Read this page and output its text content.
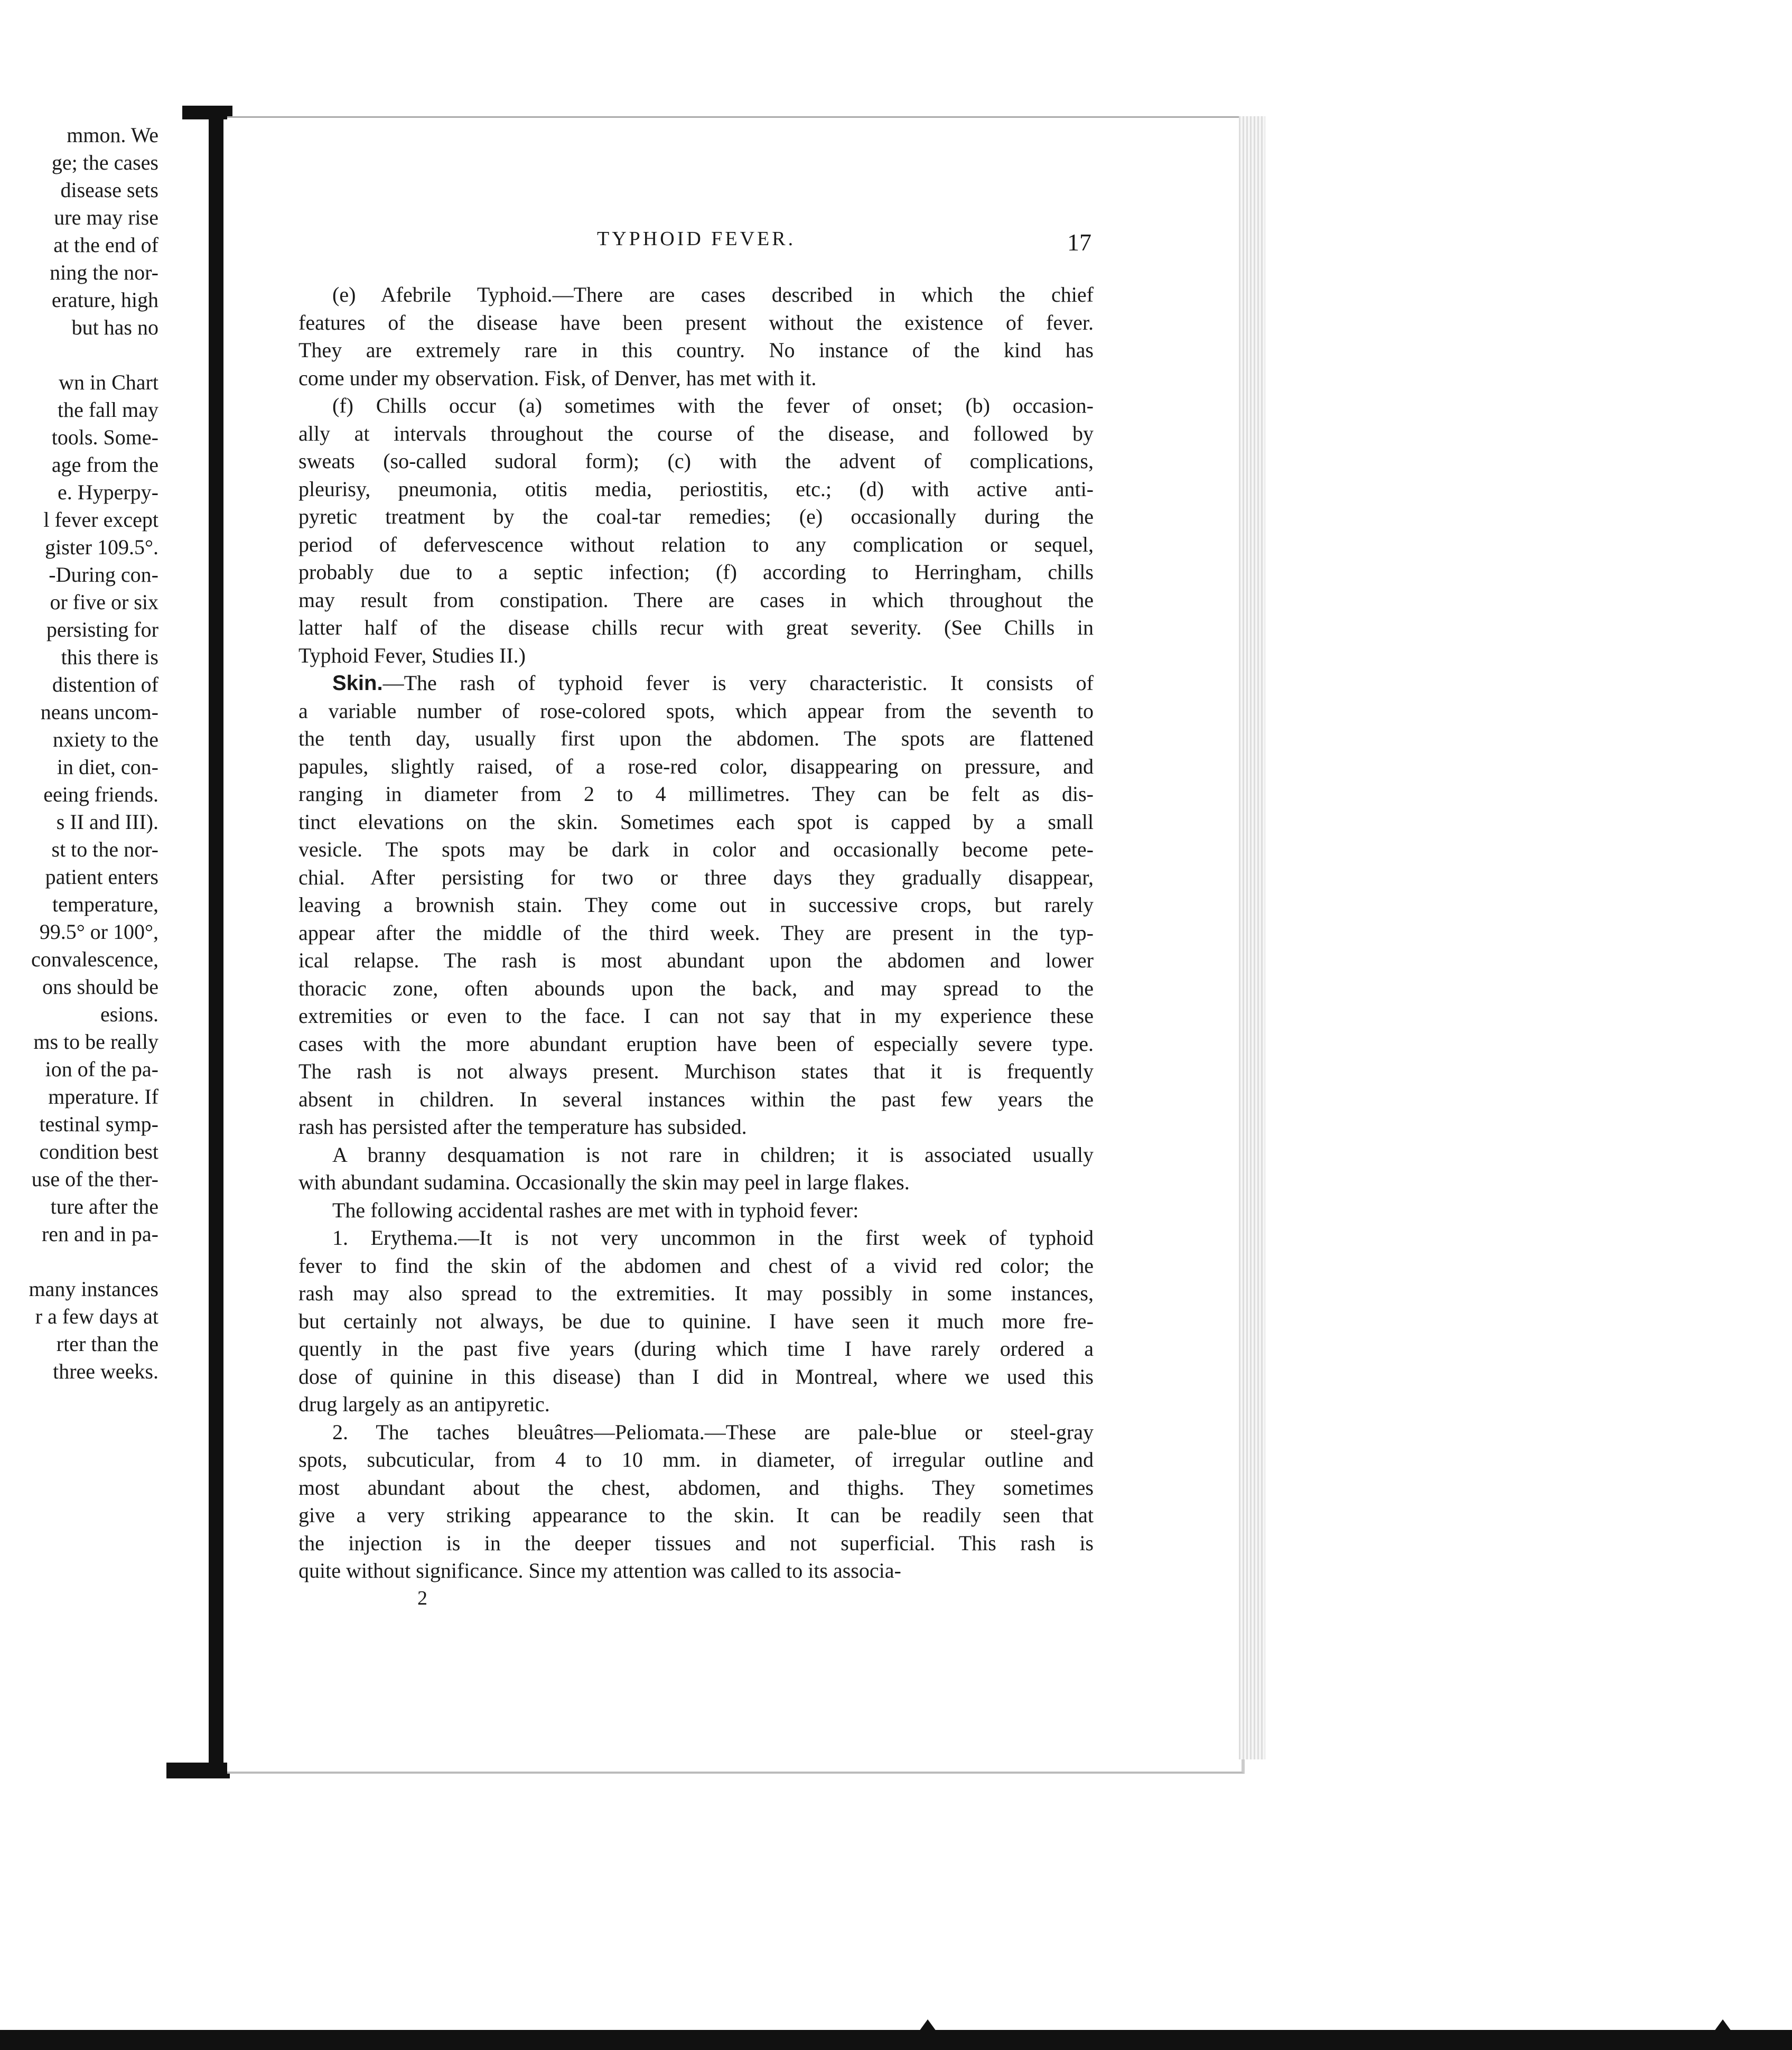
mmon. We
ge; the cases
disease sets
ure may rise
at the end of
ning the nor-
erature, high
but has no
wn in Chart
the fall may
tools. Some-
age from the
e. Hyperpy-
l fever except
gister 109.5°.
-During con-
or five or six
persisting for
this there is
distention of
neans uncom-
nxiety to the
in diet, con-
eeing friends.
s II and III).
st to the nor-
patient enters
temperature,
99.5° or 100°,
convalescence,
ons should be
esions.
ms to be really
ion of the pa-
mperature. If
testinal symp-
condition best
use of the ther-
ture after the
ren and in pa-
many instances
r a few days at
rter than the
three weeks.
TYPHOID FEVER.	17
(e) Afebrile Typhoid.—There are cases described in which the chief
features of the disease have been present without the existence of fever.
They are extremely rare in this country. No instance of the kind has
come under my observation. Fisk, of Denver, has met with it.
(f) Chills occur (a) sometimes with the fever of onset; (b) occasion-
ally at intervals throughout the course of the disease, and followed by
sweats (so-called sudoral form); (c) with the advent of complications,
pleurisy, pneumonia, otitis media, periostitis, etc.; (d) with active anti-
pyretic treatment by the coal-tar remedies; (e) occasionally during the
period of defervescence without relation to any complication or sequel,
probably due to a septic infection; (f) according to Herringham, chills
may result from constipation. There are cases in which throughout the
latter half of the disease chills recur with great severity. (See Chills in
Typhoid Fever, Studies II.)
Skin.—The rash of typhoid fever is very characteristic. It consists of
a variable number of rose-colored spots, which appear from the seventh to
the tenth day, usually first upon the abdomen. The spots are flattened
papules, slightly raised, of a rose-red color, disappearing on pressure, and
ranging in diameter from 2 to 4 millimetres. They can be felt as dis-
tinct elevations on the skin. Sometimes each spot is capped by a small
vesicle. The spots may be dark in color and occasionally become pete-
chial. After persisting for two or three days they gradually disappear,
leaving a brownish stain. They come out in successive crops, but rarely
appear after the middle of the third week. They are present in the typ-
ical relapse. The rash is most abundant upon the abdomen and lower
thoracic zone, often abounds upon the back, and may spread to the
extremities or even to the face. I can not say that in my experience these
cases with the more abundant eruption have been of especially severe type.
The rash is not always present. Murchison states that it is frequently
absent in children. In several instances within the past few years the
rash has persisted after the temperature has subsided.
A branny desquamation is not rare in children; it is associated usually
with abundant sudamina. Occasionally the skin may peel in large flakes.
The following accidental rashes are met with in typhoid fever:
1. Erythema.—It is not very uncommon in the first week of typhoid
fever to find the skin of the abdomen and chest of a vivid red color; the
rash may also spread to the extremities. It may possibly in some instances,
but certainly not always, be due to quinine. I have seen it much more fre-
quently in the past five years (during which time I have rarely ordered a
dose of quinine in this disease) than I did in Montreal, where we used this
drug largely as an antipyretic.
2. The taches bleuâtres—Peliomata.—These are pale-blue or steel-gray
spots, subcuticular, from 4 to 10 mm. in diameter, of irregular outline and
most abundant about the chest, abdomen, and thighs. They sometimes
give a very striking appearance to the skin. It can be readily seen that
the injection is in the deeper tissues and not superficial. This rash is
quite without significance. Since my attention was called to its associa-
2
